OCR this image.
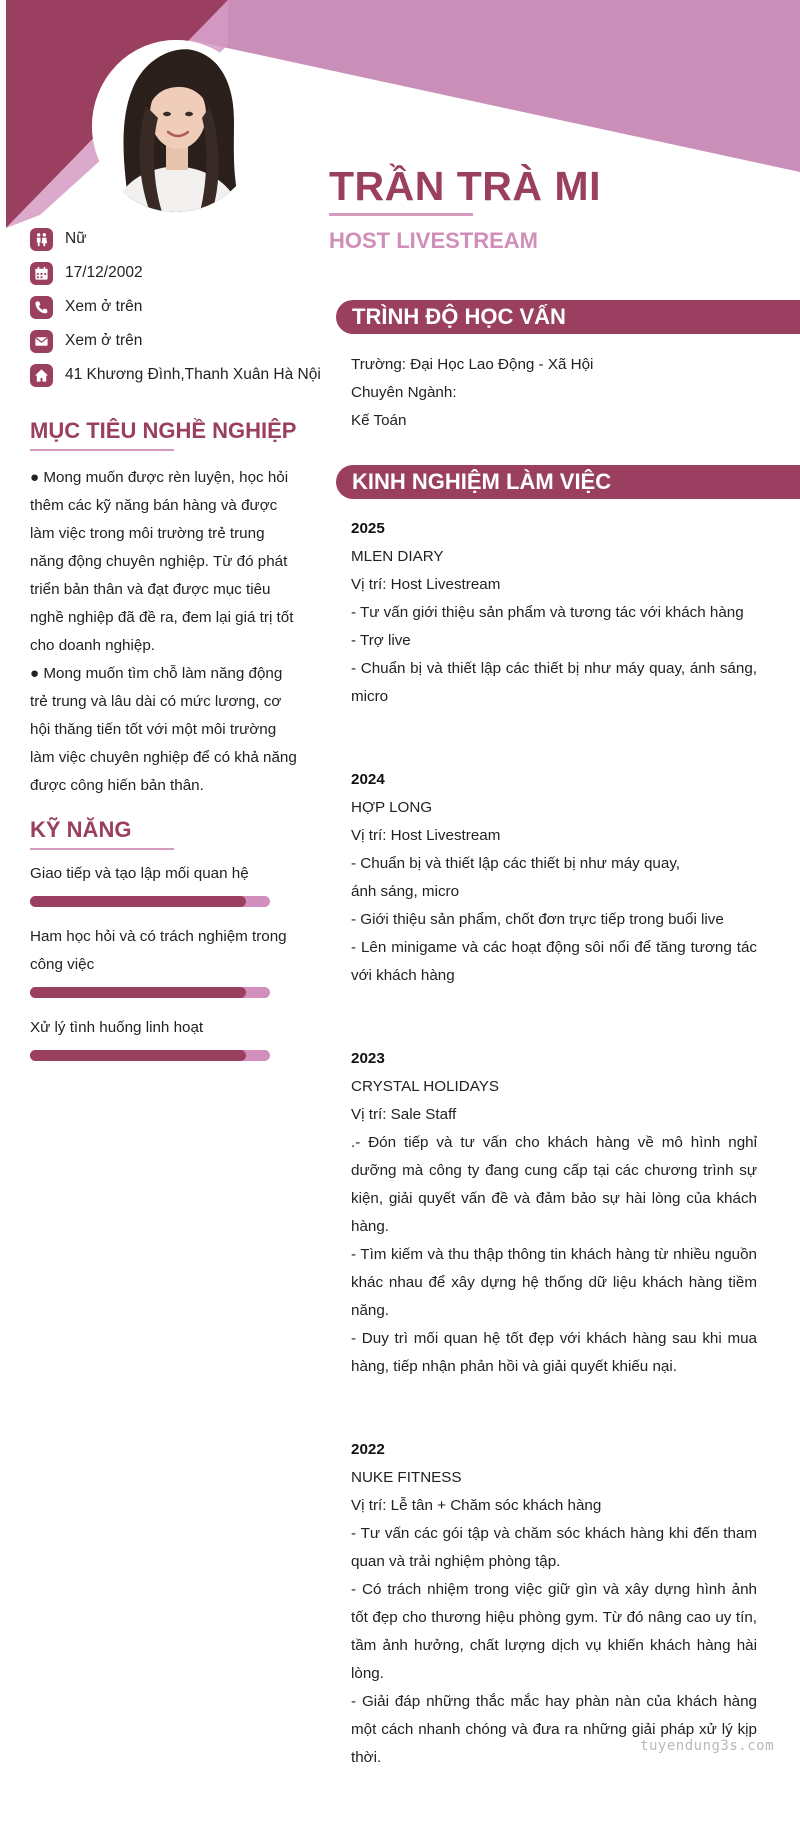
TRẦN TRÀ MI
HOST LIVESTREAM
Nữ
17/12/2002
Xem ở trên
Xem ở trên
41 Khương Đình,Thanh Xuân Hà Nội
MỤC TIÊU NGHỀ NGHIỆP

● Mong muốn được rèn luyện, học hỏi thêm các kỹ năng bán hàng và được làm việc trong môi trường trẻ trung năng động chuyên nghiệp. Từ đó phát triển bản thân và đạt được mục tiêu nghề nghiệp đã đề ra, đem lại giá trị tốt cho doanh nghiệp.

● Mong muốn tìm chỗ làm năng động trẻ trung và lâu dài có mức lương, cơ hội thăng tiến tốt với một môi trường làm việc chuyên nghiệp để có khả năng được công hiến bản thân.

KỸ NĂNG

Giao tiếp và tạo lập mối quan hệ

Ham học hỏi và có trách nghiệm trong công việc

Xử lý tình huống linh hoạt

TRÌNH ĐỘ HỌC VẤN

Trường: Đại Học Lao Động - Xã Hội

Chuyên Ngành:

Kế Toán

KINH NGHIỆM LÀM VIỆC

2025

MLEN DIARY

Vị trí: Host Livestream

- Tư vấn giới thiệu sản phẩm và tương tác với khách hàng
- Trợ live
- Chuẩn bị và thiết lập các thiết bị như máy quay, ánh sáng, micro

2024

HỢP LONG

Vị trí: Host Livestream

- Chuẩn bị và thiết lập các thiết bị như máy quay,
ánh sáng, micro
- Giới thiệu sản phẩm, chốt đơn trực tiếp trong buổi live
- Lên minigame và các hoạt động sôi nổi để tăng tương tác với khách hàng

2023

CRYSTAL HOLIDAYS

Vị trí: Sale Staff

.- Đón tiếp và tư vấn cho khách hàng về mô hình nghỉ dưỡng mà công ty đang cung cấp tại các chương trình sự kiện, giải quyết vấn đề và đảm bảo sự hài lòng của khách hàng.
- Tìm kiếm và thu thập thông tin khách hàng từ nhiều nguồn khác nhau để xây dựng hệ thống dữ liệu khách hàng tiềm năng.
- Duy trì mối quan hệ tốt đẹp với khách hàng sau khi mua hàng, tiếp nhận phản hồi và giải quyết khiếu nại.

2022

NUKE FITNESS

Vị trí: Lễ tân + Chăm sóc khách hàng

- Tư vấn các gói tập và chăm sóc khách hàng khi đến tham quan và trải nghiệm phòng tập.
- Có trách nhiệm trong việc giữ gìn và xây dựng hình ảnh tốt đẹp cho thương hiệu phòng gym. Từ đó nâng cao uy tín, tầm ảnh hưởng, chất lượng dịch vụ khiến khách hàng hài lòng.
- Giải đáp những thắc mắc hay phàn nàn của khách hàng một cách nhanh chóng và đưa ra những giải pháp xử lý kịp thời.
tuyendung3s.com
